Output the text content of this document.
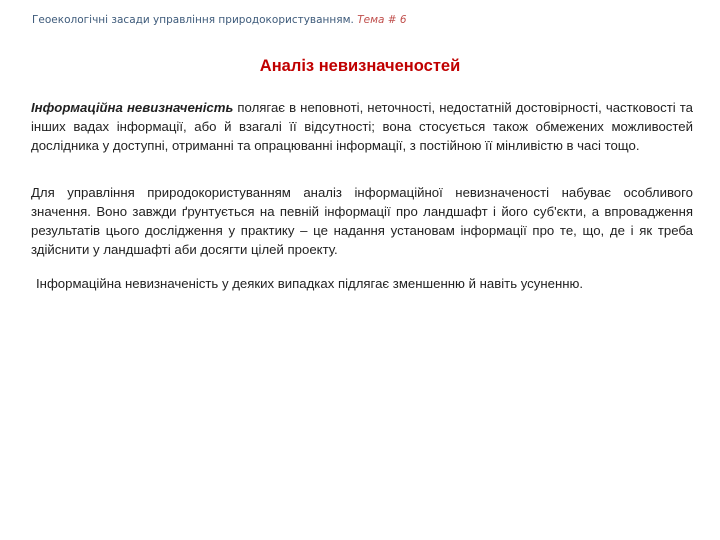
Геоекологічні засади управління природокористуванням. Тема # 6
Аналіз невизначеностей
Інформаційна невизначеність полягає в неповноті, неточності, недостатній достовірності, частковості та інших вадах інформації, або й взагалі її відсутності; вона стосується також обмежених можливостей дослідника у доступні, отриманні та опрацюванні інформації, з постійною її мінливістю в часі тощо.
Для управління природокористуванням аналіз інформаційної невизначеності набуває особливого значення. Воно завжди ґрунтується на певній інформації про ландшафт і його суб'єкти, а впровадження результатів цього дослідження у практику – це надання установам інформації про те, що, де і як треба здійснити у ландшафті аби досягти цілей проекту.
Інформаційна невизначеність у деяких випадках підлягає зменшенню й навіть усуненню.
